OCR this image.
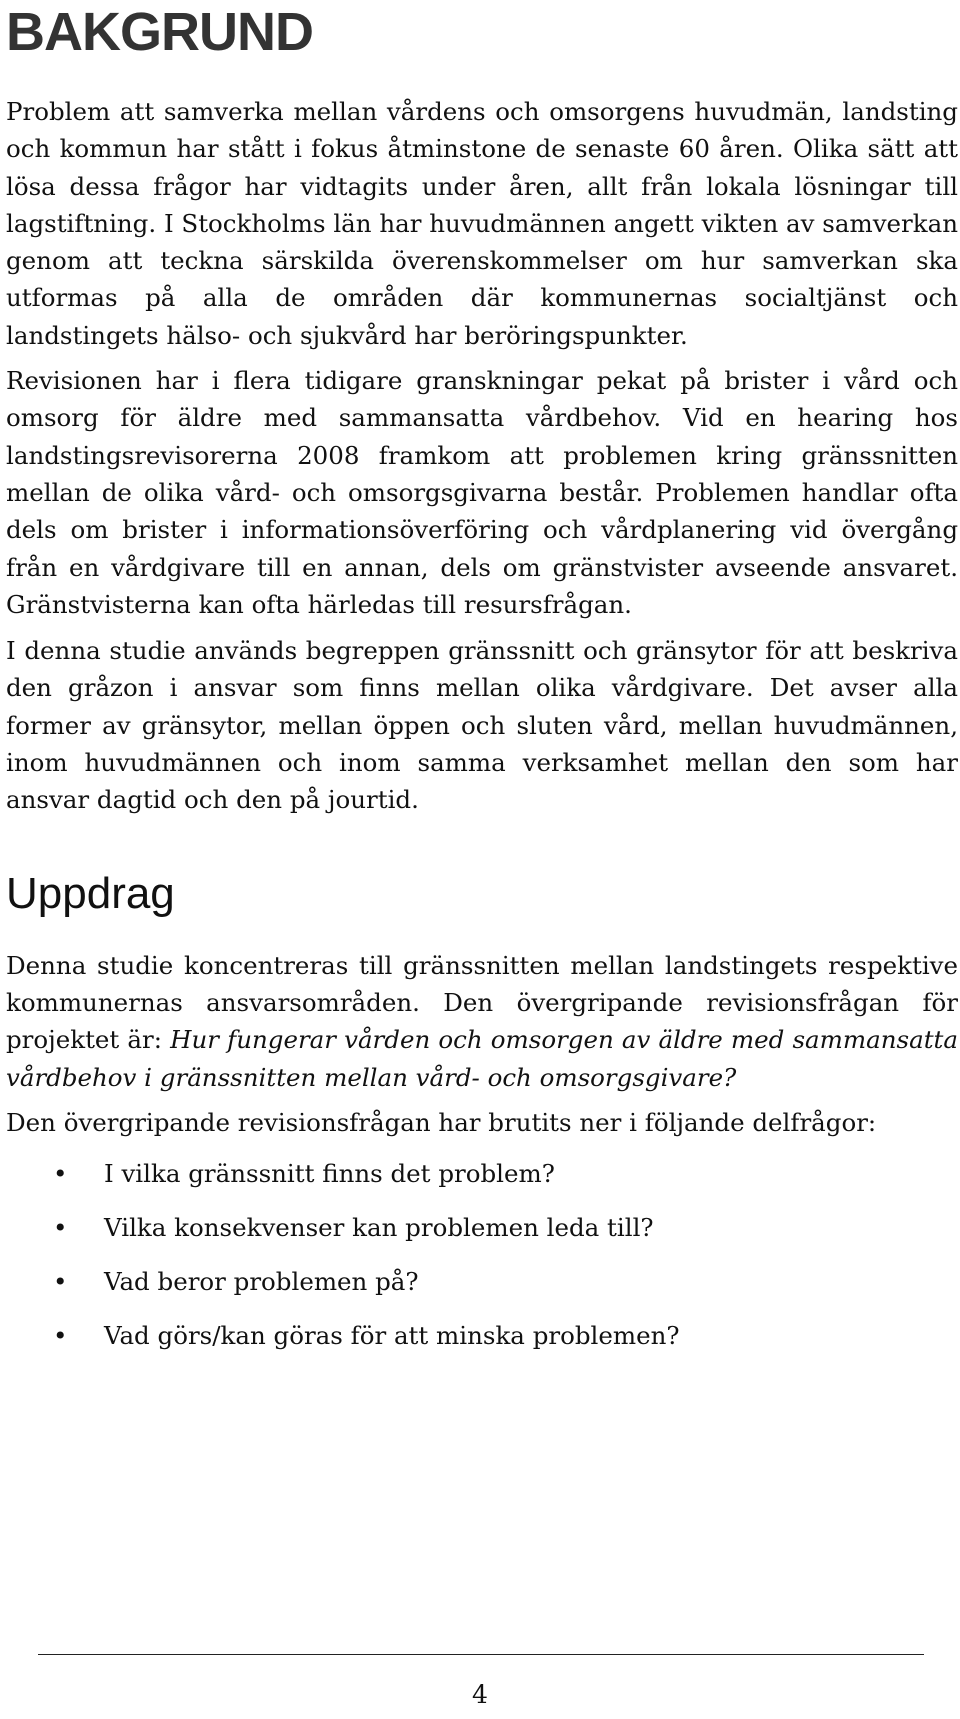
BAKGRUND

Problem att samverka mellan vårdens och omsorgens huvudmän, landsting och kommun har stått i fokus åtminstone de senaste 60 åren. Olika sätt att lösa dessa frågor har vidtagits under åren, allt från lokala lösningar till lagstiftning. I Stockholms län har huvudmännen angett vikten av samverkan genom att teckna särskilda överenskommelser om hur samverkan ska utformas på alla de områden där kommunernas socialtjänst och landstingets hälso- och sjukvård har beröringspunkter.

Revisionen har i flera tidigare granskningar pekat på brister i vård och omsorg för äldre med sammansatta vårdbehov. Vid en hearing hos landstingsrevisorerna 2008 framkom att problemen kring gränssnitten mellan de olika vård- och omsorgsgivarna består. Problemen handlar ofta dels om brister i informationsöverföring och vårdplanering vid övergång från en vårdgivare till en annan, dels om gränstvister avseende ansvaret. Gränstvisterna kan ofta härledas till resursfrågan.

I denna studie används begreppen gränssnitt och gränsytor för att beskriva den gråzon i ansvar som finns mellan olika vårdgivare. Det avser alla former av gränsytor, mellan öppen och sluten vård, mellan huvudmännen, inom huvudmännen och inom samma verksamhet mellan den som har ansvar dagtid och den på jourtid.

Uppdrag

Denna studie koncentreras till gränssnitten mellan landstingets respektive kommunernas ansvarsområden. Den övergripande revisionsfrågan för projektet är: Hur fungerar vården och omsorgen av äldre med sammansatta vårdbehov i gränssnitten mellan vård- och omsorgsgivare?

Den övergripande revisionsfrågan har brutits ner i följande delfrågor:

• I vilka gränssnitt finns det problem?
• Vilka konsekvenser kan problemen leda till?
• Vad beror problemen på?
• Vad görs/kan göras för att minska problemen?
4
